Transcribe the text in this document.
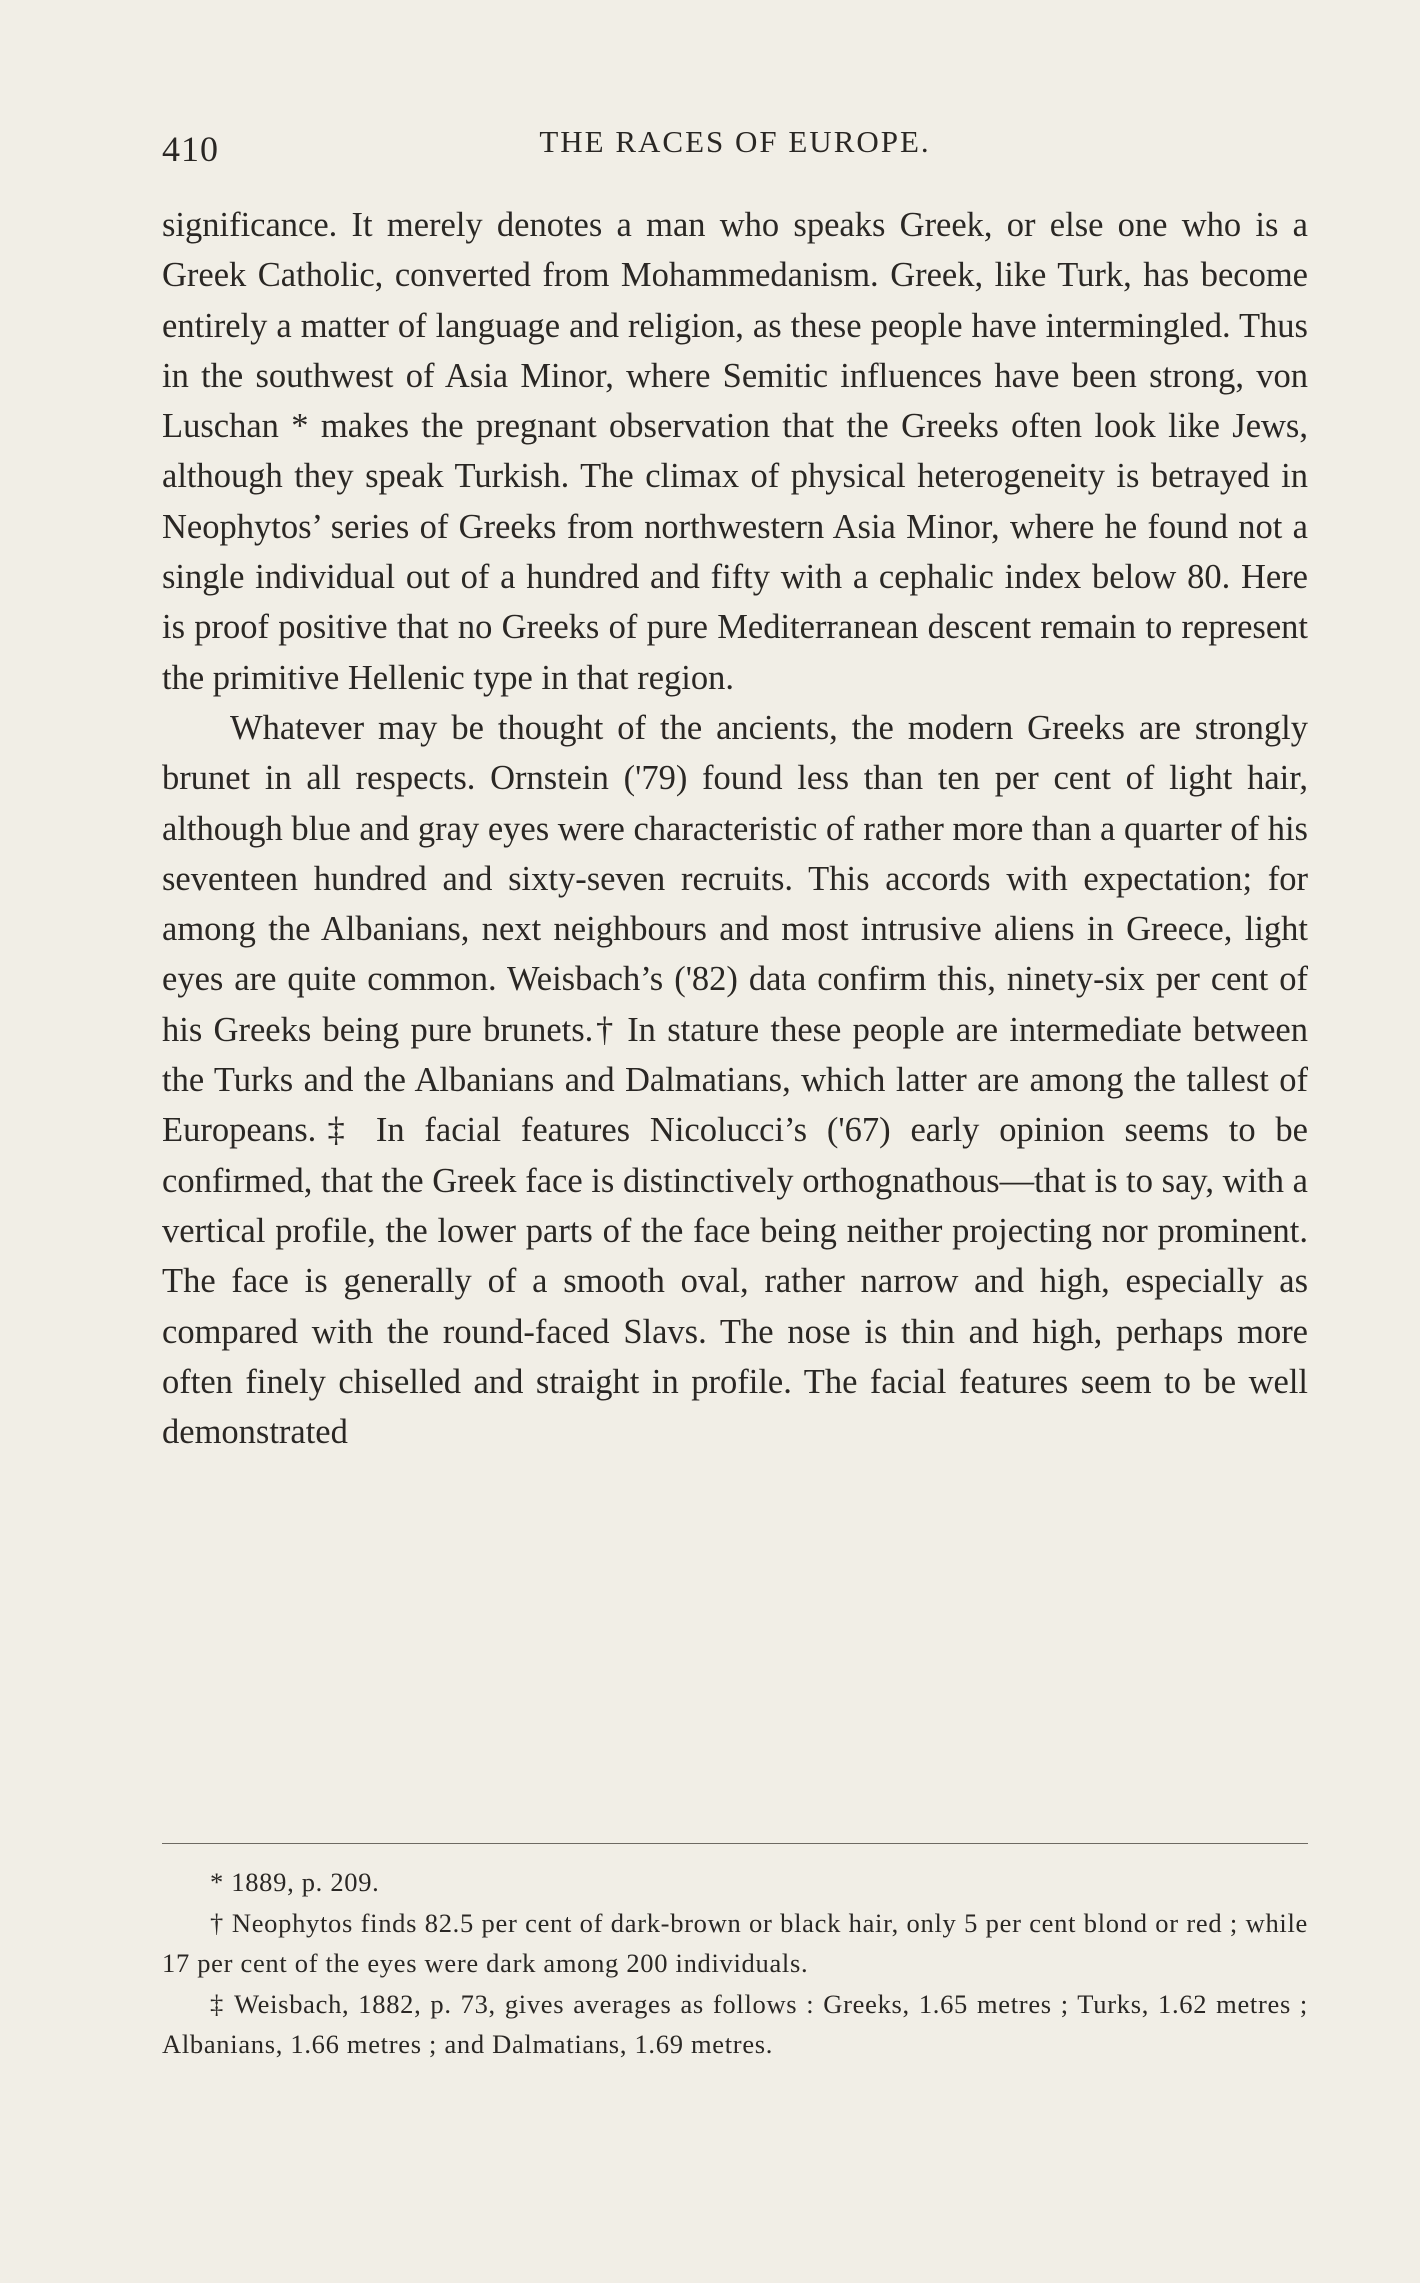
410	THE RACES OF EUROPE.

significance. It merely denotes a man who speaks Greek, or else one who is a Greek Catholic, converted from Mohammedanism. Greek, like Turk, has become entirely a matter of language and religion, as these people have intermingled. Thus in the southwest of Asia Minor, where Semitic influences have been strong, von Luschan * makes the pregnant observation that the Greeks often look like Jews, although they speak Turkish. The climax of physical heterogeneity is betrayed in Neophytos’ series of Greeks from northwestern Asia Minor, where he found not a single individual out of a hundred and fifty with a cephalic index below 80. Here is proof positive that no Greeks of pure Mediterranean descent remain to represent the primitive Hellenic type in that region.

Whatever may be thought of the ancients, the modern Greeks are strongly brunet in all respects. Ornstein ('79) found less than ten per cent of light hair, although blue and gray eyes were characteristic of rather more than a quarter of his seventeen hundred and sixty-seven recruits. This accords with expectation; for among the Albanians, next neighbours and most intrusive aliens in Greece, light eyes are quite common. Weisbach’s ('82) data confirm this, ninety-six per cent of his Greeks being pure brunets.† In stature these people are intermediate between the Turks and the Albanians and Dalmatians, which latter are among the tallest of Europeans.‡ In facial features Nicolucci’s ('67) early opinion seems to be confirmed, that the Greek face is distinctively orthognathous—that is to say, with a vertical profile, the lower parts of the face being neither projecting nor prominent. The face is generally of a smooth oval, rather narrow and high, especially as compared with the round-faced Slavs. The nose is thin and high, perhaps more often finely chiselled and straight in profile. The facial features seem to be well demonstrated

* 1889, p. 209.

† Neophytos finds 82.5 per cent of dark-brown or black hair, only 5 per cent blond or red ; while 17 per cent of the eyes were dark among 200 individuals.

‡ Weisbach, 1882, p. 73, gives averages as follows : Greeks, 1.65 metres ; Turks, 1.62 metres ; Albanians, 1.66 metres ; and Dalmatians, 1.69 metres.
